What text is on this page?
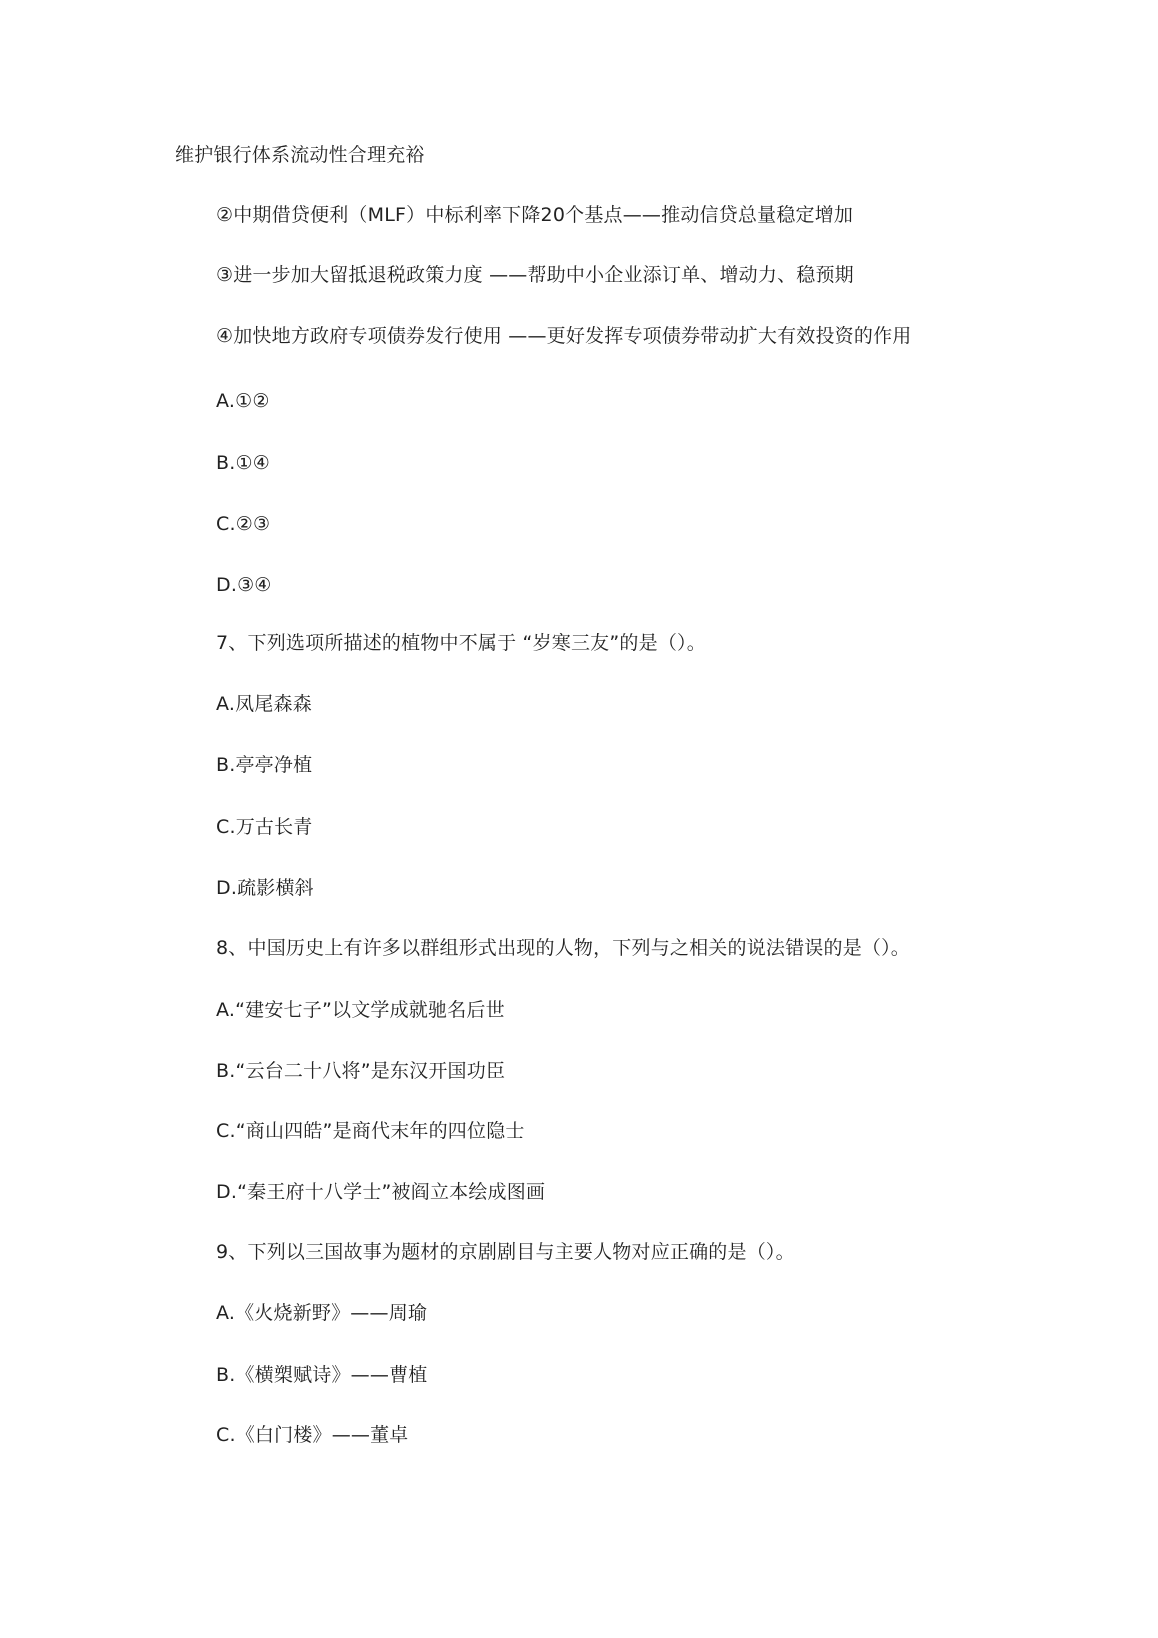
维护银行体系流动性合理充裕
②中期借贷便利（MLF）中标利率下降20个基点——推动信贷总量稳定增加
③进一步加大留抵退税政策力度 ——帮助中小企业添订单、增动力、稳预期
④加快地方政府专项债券发行使用 ——更好发挥专项债券带动扩大有效投资的作用
A.①②
B.①④
C.②③
D.③④
7、下列选项所描述的植物中不属于 “岁寒三友”的是（）。
A.凤尾森森
B.亭亭净植
C.万古长青
D.疏影横斜
8、中国历史上有许多以群组形式出现的人物，下列与之相关的说法错误的是（）。
A.“建安七子”以文学成就驰名后世
B.“云台二十八将”是东汉开国功臣
C.“商山四皓”是商代末年的四位隐士
D.“秦王府十八学士”被阎立本绘成图画
9、下列以三国故事为题材的京剧剧目与主要人物对应正确的是（）。
A.《火烧新野》——周瑜
B.《横槊赋诗》——曹植
C.《白门楼》——董卓
